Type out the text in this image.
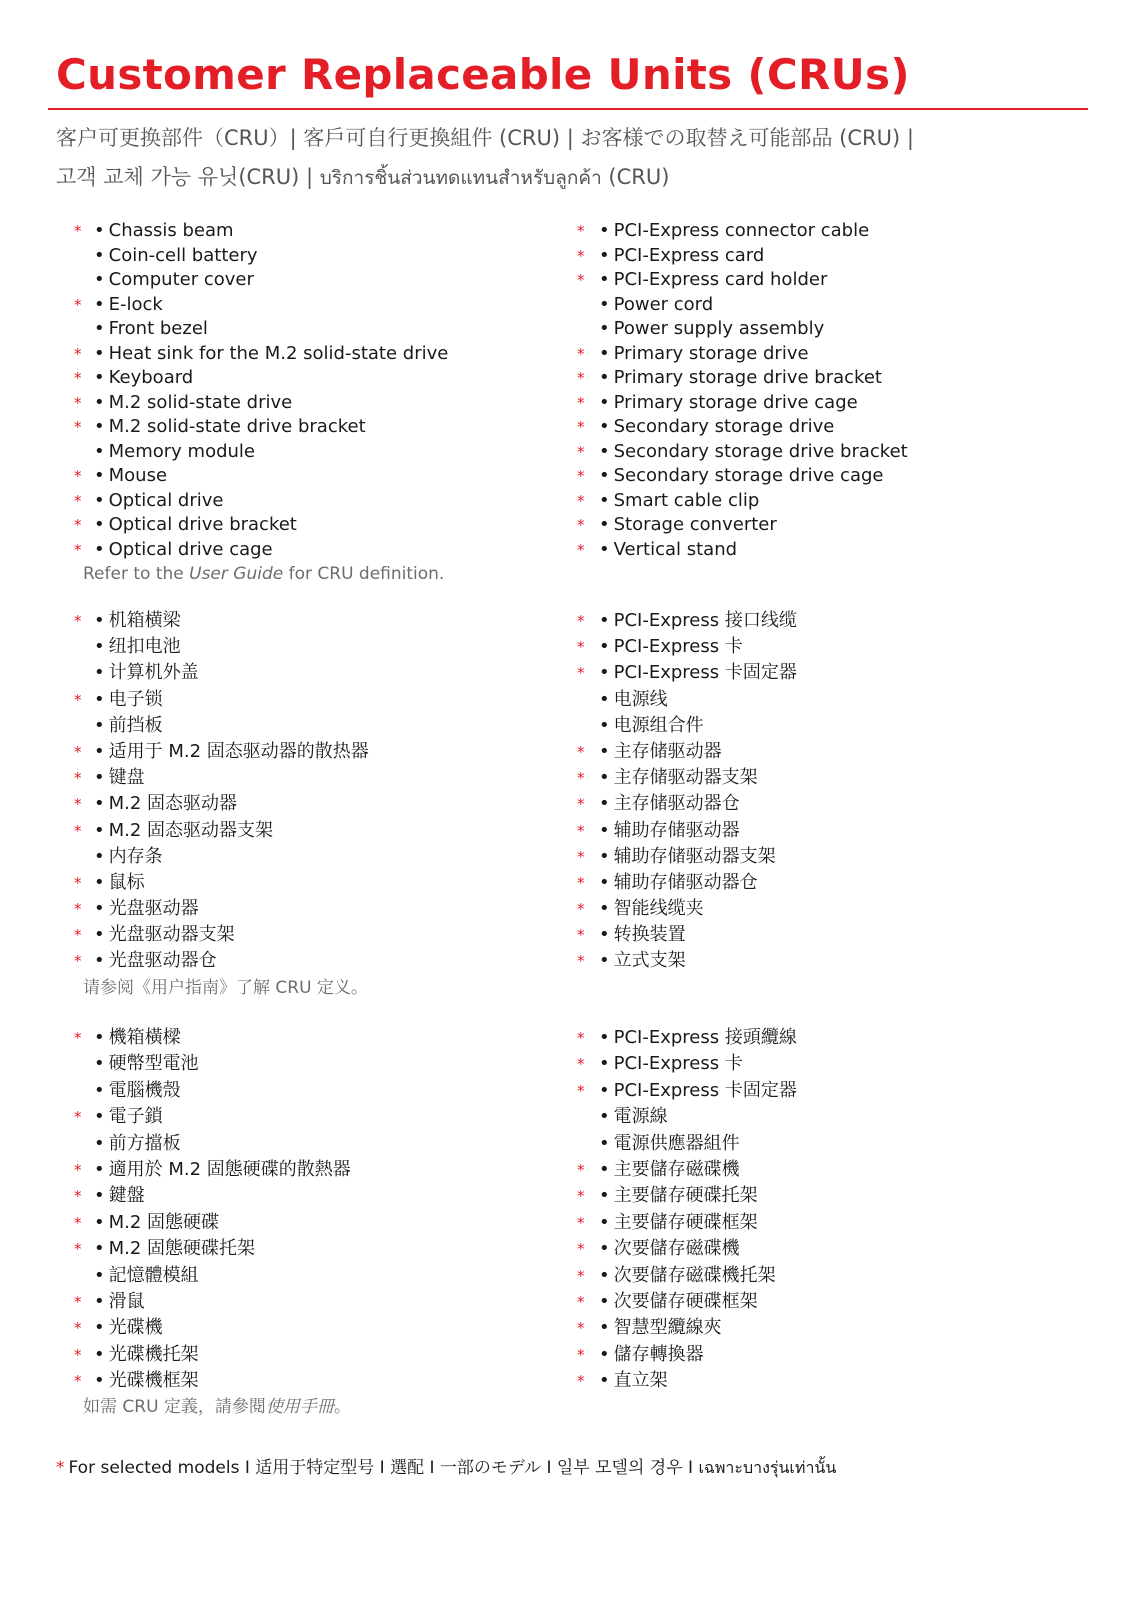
Customer Replaceable Units (CRUs)

客户可更换部件（CRU）| 客戶可自行更換組件 (CRU) | お客様での取替え可能部品 (CRU) |

고객 교체 가능 유닛(CRU) | บริการชิ้นส่วนทดแทนสำหรับลูกค้า (CRU)

* • Chassis beam
• Coin-cell battery
• Computer cover
* • E-lock
• Front bezel
* • Heat sink for the M.2 solid-state drive
* • Keyboard
* • M.2 solid-state drive
* • M.2 solid-state drive bracket
• Memory module
* • Mouse
* • Optical drive
* • Optical drive bracket
* • Optical drive cage
Refer to the User Guide for CRU definition.
* • PCI-Express connector cable
* • PCI-Express card
* • PCI-Express card holder
• Power cord
• Power supply assembly
* • Primary storage drive
* • Primary storage drive bracket
* • Primary storage drive cage
* • Secondary storage drive
* • Secondary storage drive bracket
* • Secondary storage drive cage
* • Smart cable clip
* • Storage converter
* • Vertical stand
* • 机箱横梁
• 纽扣电池
• 计算机外盖
* • 电子锁
• 前挡板
* • 适用于 M.2 固态驱动器的散热器
* • 键盘
* • M.2 固态驱动器
* • M.2 固态驱动器支架
• 内存条
* • 鼠标
* • 光盘驱动器
* • 光盘驱动器支架
* • 光盘驱动器仓
请参阅《用户指南》了解 CRU 定义。
* • PCI-Express 接口线缆
* • PCI-Express 卡
* • PCI-Express 卡固定器
• 电源线
• 电源组合件
* • 主存储驱动器
* • 主存储驱动器支架
* • 主存储驱动器仓
* • 辅助存储驱动器
* • 辅助存储驱动器支架
* • 辅助存储驱动器仓
* • 智能线缆夹
* • 转换装置
* • 立式支架
* • 機箱橫樑
• 硬幣型電池
• 電腦機殼
* • 電子鎖
• 前方擋板
* • 適用於 M.2 固態硬碟的散熱器
* • 鍵盤
* • M.2 固態硬碟
* • M.2 固態硬碟托架
• 記憶體模組
* • 滑鼠
* • 光碟機
* • 光碟機托架
* • 光碟機框架
如需 CRU 定義，請參閱使用手冊。
* • PCI-Express 接頭纜線
* • PCI-Express 卡
* • PCI-Express 卡固定器
• 電源線
• 電源供應器組件
* • 主要儲存磁碟機
* • 主要儲存硬碟托架
* • 主要儲存硬碟框架
* • 次要儲存磁碟機
* • 次要儲存磁碟機托架
* • 次要儲存硬碟框架
* • 智慧型纜線夾
* • 儲存轉換器
* • 直立架

* For selected models I 适用于特定型号 I 選配 I 一部のモデル I 일부 모델의 경우 I เฉพาะบางรุ่นเท่านั้น
